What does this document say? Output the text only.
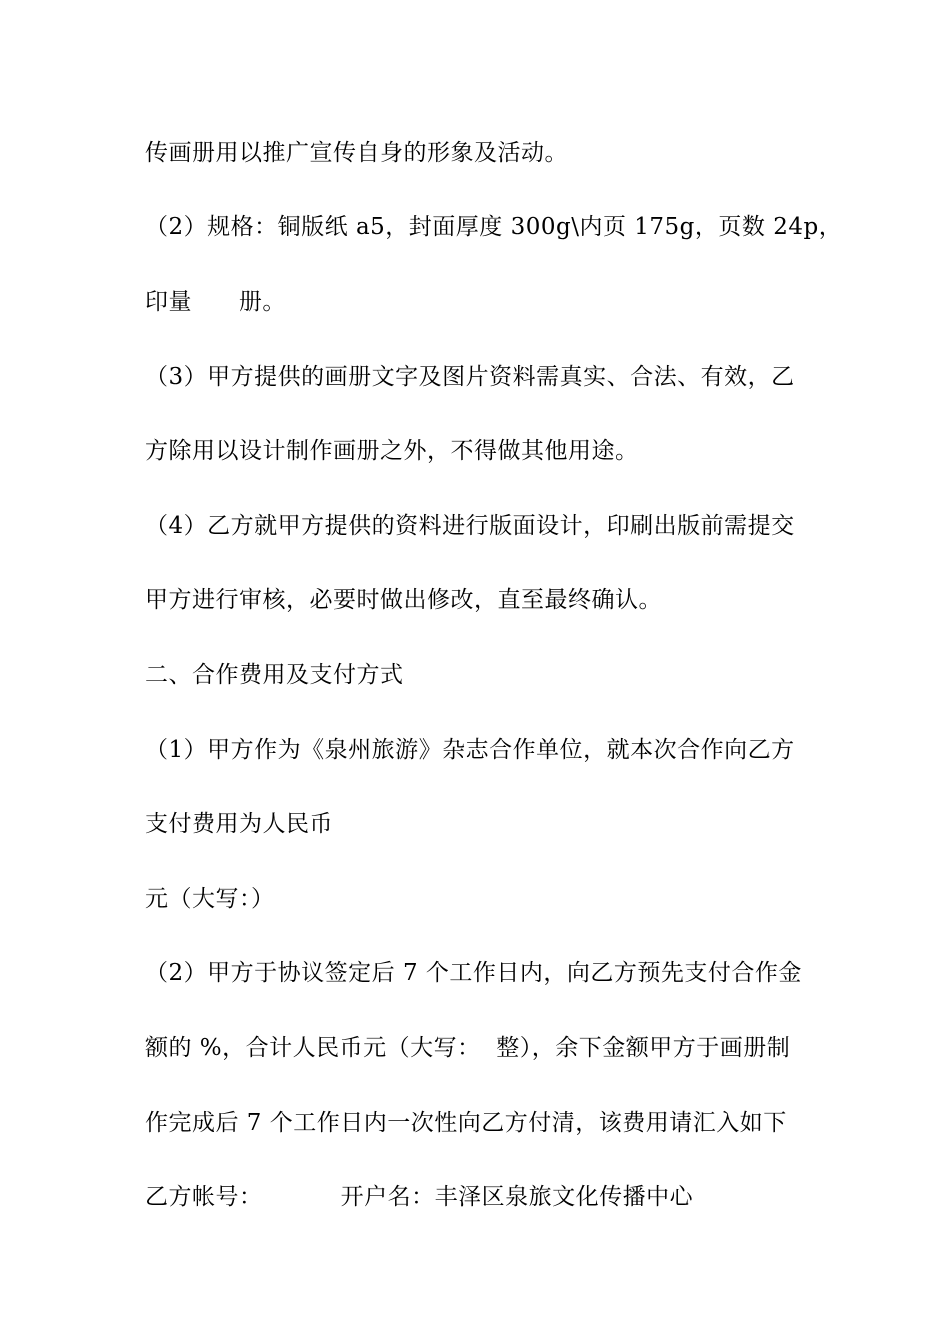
传画册用以推广宣传自身的形象及活动。
（2）规格：铜版纸 a5，封面厚度 300g\内页 175g，页数 24p，
印量      册。
（3）甲方提供的画册文字及图片资料需真实、合法、有效，乙
方除用以设计制作画册之外，不得做其他用途。
（4）乙方就甲方提供的资料进行版面设计，印刷出版前需提交
甲方进行审核，必要时做出修改，直至最终确认。
二、合作费用及支付方式
（1）甲方作为《泉州旅游》杂志合作单位，就本次合作向乙方
支付费用为人民币
元（大写：）
（2）甲方于协议签定后 7 个工作日内，向乙方预先支付合作金
额的 %，合计人民币元（大写：  整），余下金额甲方于画册制
作完成后 7 个工作日内一次性向乙方付清，该费用请汇入如下
乙方帐号：          开户名：丰泽区泉旅文化传播中心
